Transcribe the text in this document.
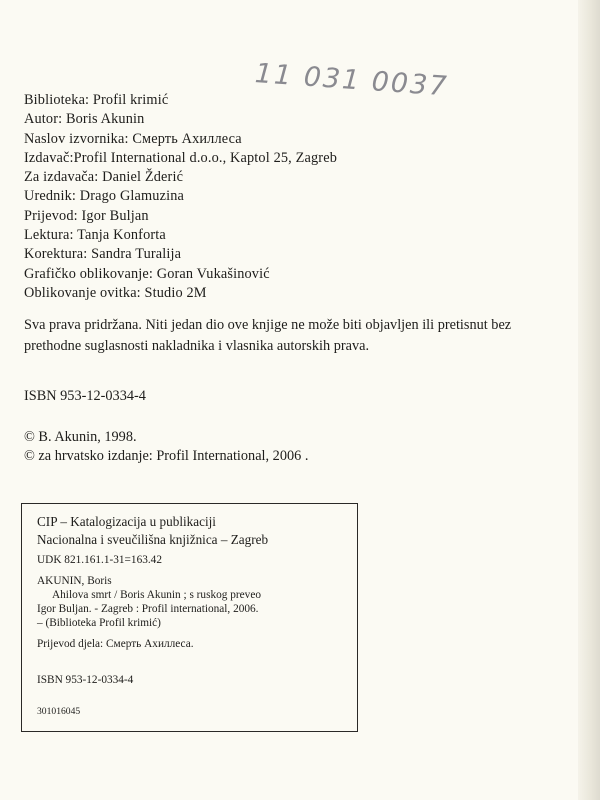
11 031 0037
Biblioteka: Profil krimić
Autor: Boris Akunin
Naslov izvornika: Смерть Ахиллеса
Izdavač:Profil International d.o.o., Kaptol 25, Zagreb
Za izdavača: Daniel Žderić
Urednik: Drago Glamuzina
Prijevod: Igor Buljan
Lektura: Tanja Konforta
Korektura: Sandra Turalija
Grafičko oblikovanje: Goran Vukašinović
Oblikovanje ovitka: Studio 2M
Sva prava pridržana. Niti jedan dio ove knjige ne može biti objavljen ili pretisnut bez prethodne suglasnosti nakladnika i vlasnika autorskih prava.
ISBN 953-12-0334-4
© B. Akunin, 1998.
© za hrvatsko izdanje: Profil International, 2006 .
CIP – Katalogizacija u publikaciji
Nacionalna i sveučilišna knjižnica – Zagreb
UDK 821.161.1-31=163.42
AKUNIN, Boris
Ahilova smrt / Boris Akunin ; s ruskog preveo
Igor Buljan. - Zagreb : Profil international, 2006.
– (Biblioteka Profil krimić)
Prijevod djela: Смерть Ахиллеса.
ISBN 953-12-0334-4
301016045
